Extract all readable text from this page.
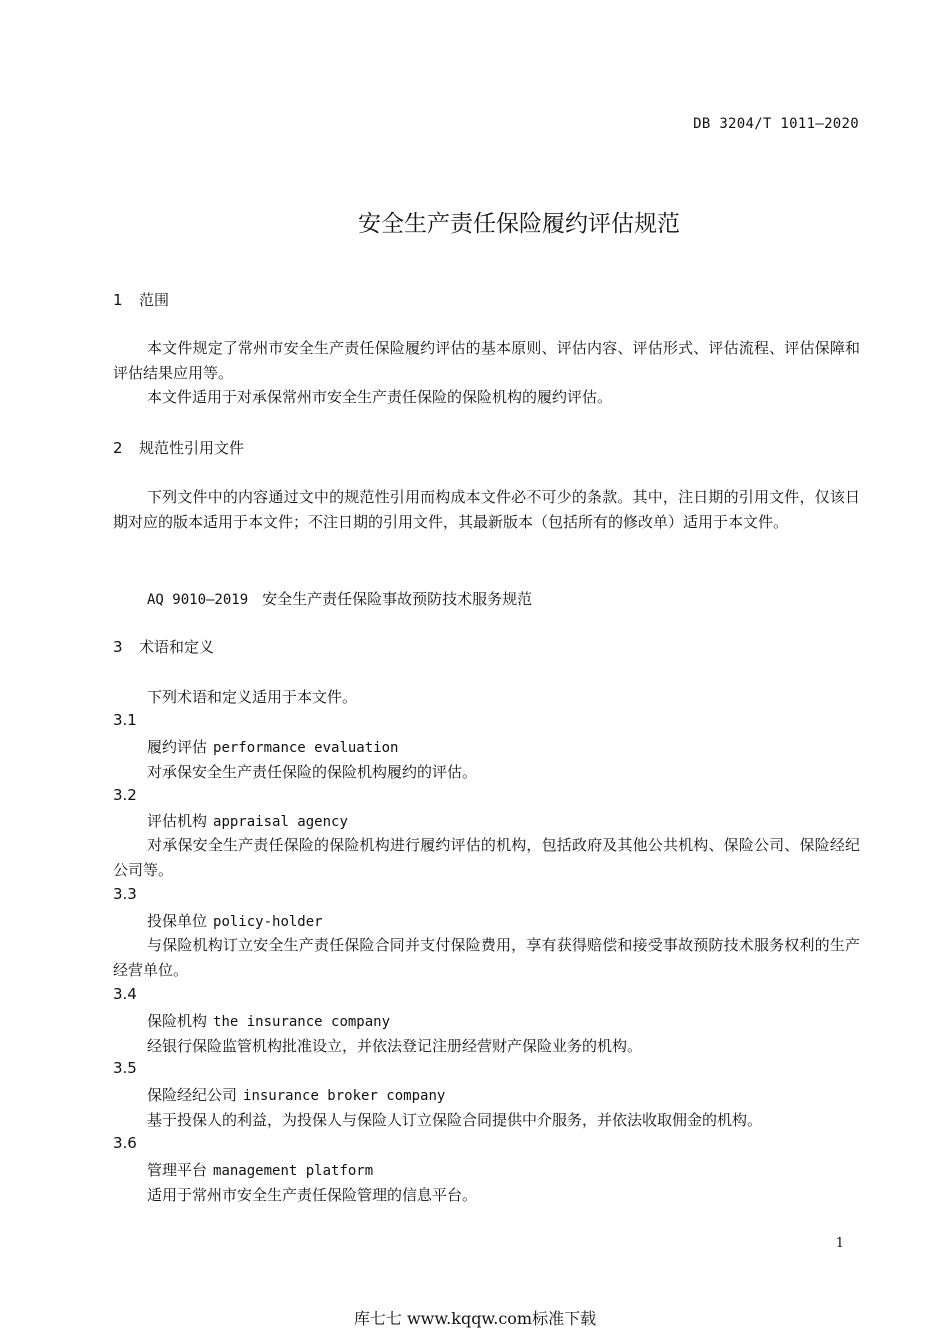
DB 3204/T 1011—2020
安全生产责任保险履约评估规范
1 范围
本文件规定了常州市安全生产责任保险履约评估的基本原则、评估内容、评估形式、评估流程、评估保障和评估结果应用等。
本文件适用于对承保常州市安全生产责任保险的保险机构的履约评估。
2 规范性引用文件
下列文件中的内容通过文中的规范性引用而构成本文件必不可少的条款。其中，注日期的引用文件，仅该日期对应的版本适用于本文件；不注日期的引用文件，其最新版本（包括所有的修改单）适用于本文件。
AQ 9010—2019 安全生产责任保险事故预防技术服务规范
3 术语和定义
下列术语和定义适用于本文件。
3.1
履约评估 performance evaluation
对承保安全生产责任保险的保险机构履约的评估。
3.2
评估机构 appraisal agency
对承保安全生产责任保险的保险机构进行履约评估的机构，包括政府及其他公共机构、保险公司、保险经纪公司等。
3.3
投保单位 policy-holder
与保险机构订立安全生产责任保险合同并支付保险费用，享有获得赔偿和接受事故预防技术服务权利的生产经营单位。
3.4
保险机构 the insurance company
经银行保险监管机构批准设立，并依法登记注册经营财产保险业务的机构。
3.5
保险经纪公司 insurance broker company
基于投保人的利益，为投保人与保险人订立保险合同提供中介服务，并依法收取佣金的机构。
3.6
管理平台 management platform
适用于常州市安全生产责任保险管理的信息平台。
1
库七七 www.kqqw.com标准下载
